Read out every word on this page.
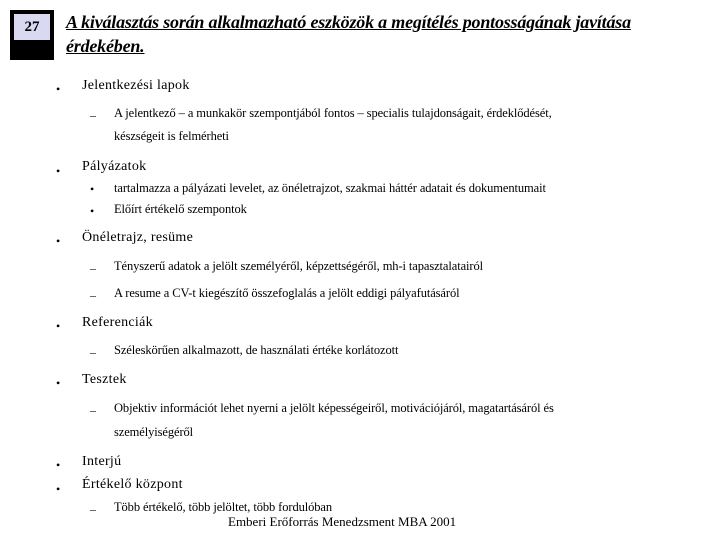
27 A kiválasztás során alkalmazható eszközök a megítélés pontosságának javítása érdekében.
• Jelentkezési lapok
– A jelentkező – a munkakör szempontjából fontos – specialis tulajdonságait, érdeklődését,
készségeit is felmérheti
• Pályázatok
• tartalmazza a pályázati levelet, az önéletrajzot, szakmai háttér adatait és dokumentumait
• Előírt értékelő szempontok
• Önéletrajz, resüme
– Tényszerű adatok a jelölt személyéről, képzettségéről, mh-i tapasztalatairól
– A resume a CV-t kiegészítő összefoglalás a jelölt eddigi pályafutásáról
• Referenciák
– Széleskörűen alkalmazott, de használati értéke korlátozott
• Tesztek
– Objektiv információt lehet nyerni a jelölt képességeiről, motivációjáról, magatartásáról és
személyiségéről
• Interjú
• Értékelő központ
– Több értékelő, több jelöltet, több fordulóban
Emberi Erőforrás Menedzsment MBA 2001
